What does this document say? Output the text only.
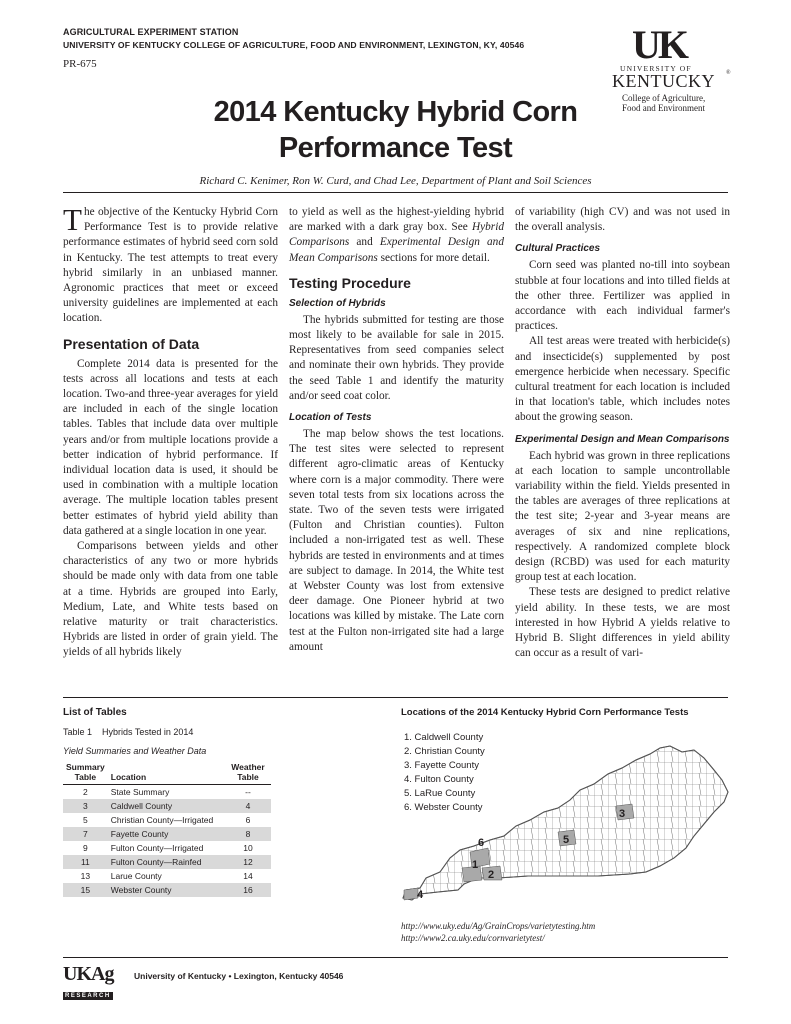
AGRICULTURAL EXPERIMENT STATION
UNIVERSITY OF KENTUCKY COLLEGE OF AGRICULTURE, FOOD AND ENVIRONMENT, LEXINGTON, KY, 40546
PR-675	UK
UNIVERSITY OF
KENTUCKY ®
College of Agriculture,
Food and Environment
2014 Kentucky Hybrid Corn
Performance Test
Richard C. Kenimer, Ron W. Curd, and Chad Lee, Department of Plant and Soil Sciences

The objective of the Kentucky Hybrid Corn Performance Test is to provide relative performance estimates of hybrid seed corn sold in Kentucky. The test attempts to treat every hybrid similarly in an unbiased manner. Agronomic practices that meet or exceed university guidelines are implemented at each location.

Presentation of Data

Complete 2014 data is presented for the tests across all locations and tests at each location. Two-and three-year averages for yield are included in each of the single location tables. Tables that include data over multiple years and/or from multiple locations provide a better indication of hybrid performance. If individual location data is used, it should be used in combination with a multiple location average. The multiple location tables present better estimates of hybrid yield ability than data gathered at a single location in one year.

Comparisons between yields and other characteristics of any two or more hybrids should be made only with data from one table at a time. Hybrids are grouped into Early, Medium, Late, and White tests based on relative maturity or trait characteristics. Hybrids are listed in order of grain yield. The yields of all hybrids likely

to yield as well as the highest-yielding hybrid are marked with a dark gray box. See Hybrid Comparisons and Experimental Design and Mean Comparisons sections for more detail.

Testing Procedure
Selection of Hybrids

The hybrids submitted for testing are those most likely to be available for sale in 2015. Representatives from seed companies select and nominate their own hybrids. They provide the seed Table 1 and identify the maturity and/or seed coat color.

Location of Tests

The map below shows the test locations. The test sites were selected to represent different agro-climatic areas of Kentucky where corn is a major commodity. There were seven total tests from six locations across the state. Two of the seven tests were irrigated (Fulton and Christian counties). Fulton included a non-irrigated test as well. These hybrids are tested in environments and at times are subject to damage. In 2014, the White test at Webster County was lost from extensive deer damage. One Pioneer hybrid at two locations was killed by mistake. The Late corn test at the Fulton non-irrigated site had a large amount

of variability (high CV) and was not used in the overall analysis.

Cultural Practices

Corn seed was planted no-till into soybean stubble at four locations and into tilled fields at the other three. Fertilizer was applied in accordance with each individual farmer's practices.

All test areas were treated with herbicide(s) and insecticide(s) supplemented by post emergence herbicide when necessary. Specific cultural treatment for each location is included in that location's table, which includes notes about the growing season.

Experimental Design and Mean Comparisons

Each hybrid was grown in three replications at each location to sample uncontrollable variability within the field. Yields presented in the tables are averages of three replications at the test site; 2-year and 3-year means are averages of six and nine replications, respectively. A randomized complete block design (RCBD) was used for each maturity group test at each location.

These tests are designed to predict relative yield ability. In these tests, we are most interested in how Hybrid A yields relative to Hybrid B. Slight differences in yield ability can occur as a result of vari-

List of Tables
Table 1    Hybrids Tested in 2014
Yield Summaries and Weather Data
Summary
Table	Location	Weather
Table
2	State Summary	--
3	Caldwell County	4
5	Christian County—Irrigated	6
7	Fayette County	8
9	Fulton County—Irrigated	10
11	Fulton County—Rainfed	12
13	Larue County	14
15	Webster County	16
Locations of the 2014 Kentucky Hybrid Corn Performance Tests
1. Caldwell County
2. Christian County
3. Fayette County
4. Fulton County
5. LaRue County
6. Webster County
1
2
3
4
5
6
http://www.uky.edu/Ag/GrainCrops/varietytesting.htm
http://www2.ca.uky.edu/cornvarietytest/
UKAg
RESEARCH
University of Kentucky • Lexington, Kentucky 40546
